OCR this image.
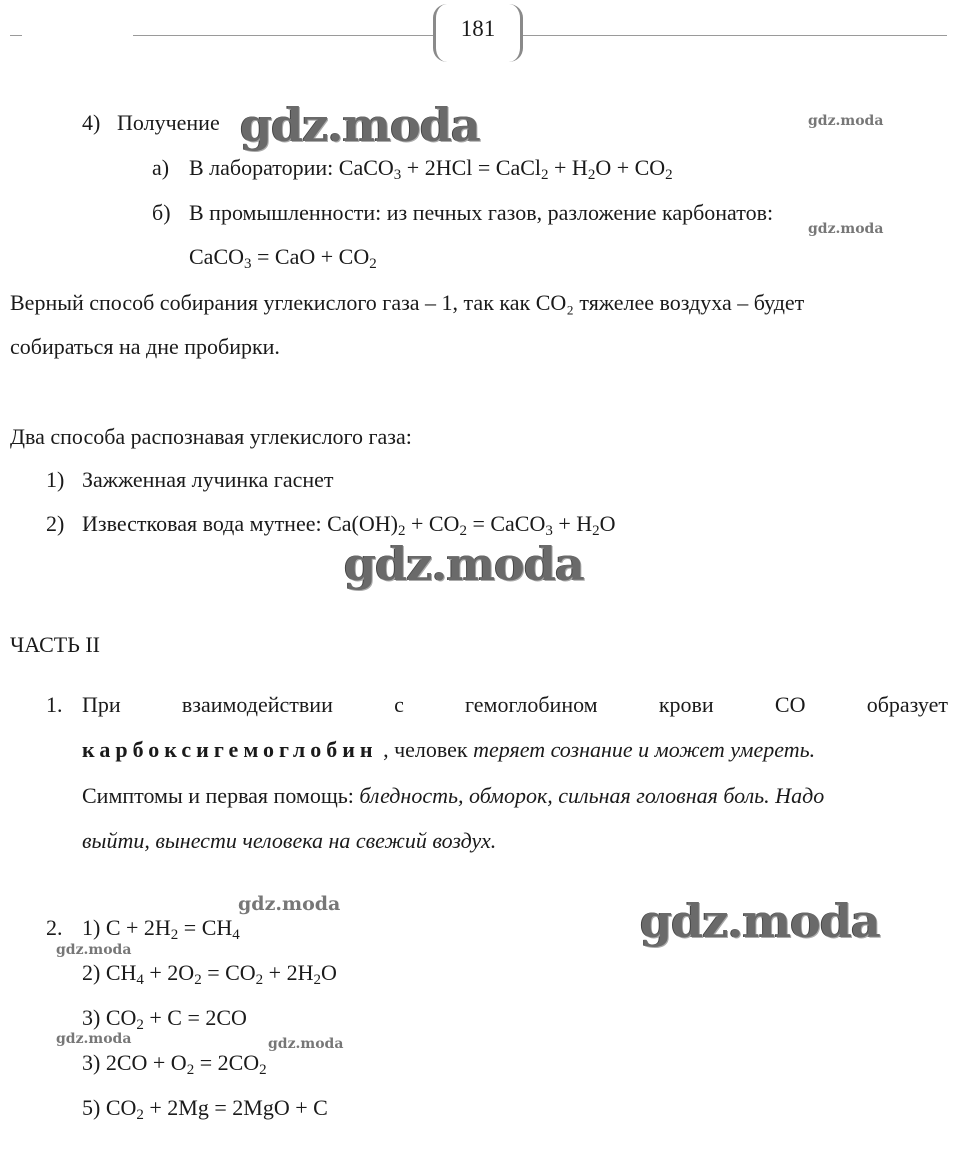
181
4) Получение
а) В лаборатории: CaCO$_3$ + 2HCl = CaCl$_2$ + $H_2O + CO_2$
б) В промышленности: из печных газов, разложение карбонатов:
CaCO$_3$ = CaO + $CO_2$
Верный способ собирания углекислого газа – 1, так как CO₂ тяжелее воздуха – будет
собираться на дне пробирки.
Два способа распознавая углекислого газа:
1) Зажженная лучинка гаснет
2) Известковая вода мутнее: $Ca(OH)_2 + CO_2$ = CaCO$_3$ + $H_2O$
ЧАСТЬ II
1. При	взаимодействии	с	гемоглобином	крови	CO	образует
карбоксигемоглобин , человек теряет сознание и может умереть.
Симптомы и первая помощь: бледность, обморок, сильная головная боль. Надо
выйти, вынести человека на свежий воздух.
2. 1) $C + 2H_2 = CH_4$
2) $CH_4 + 2O_2 = CO_2 + 2H_2O$
3) $CO_2 + C = 2CO$
3) $2CO + O_2 = 2CO_2$
5) $CO_2 + 2Mg = 2MgO + C$
gdz.moda	gdz.moda
gdz.moda
gdz.moda
gdz.moda	gdz.moda
gdz.moda
gdz.moda	gdz.moda
